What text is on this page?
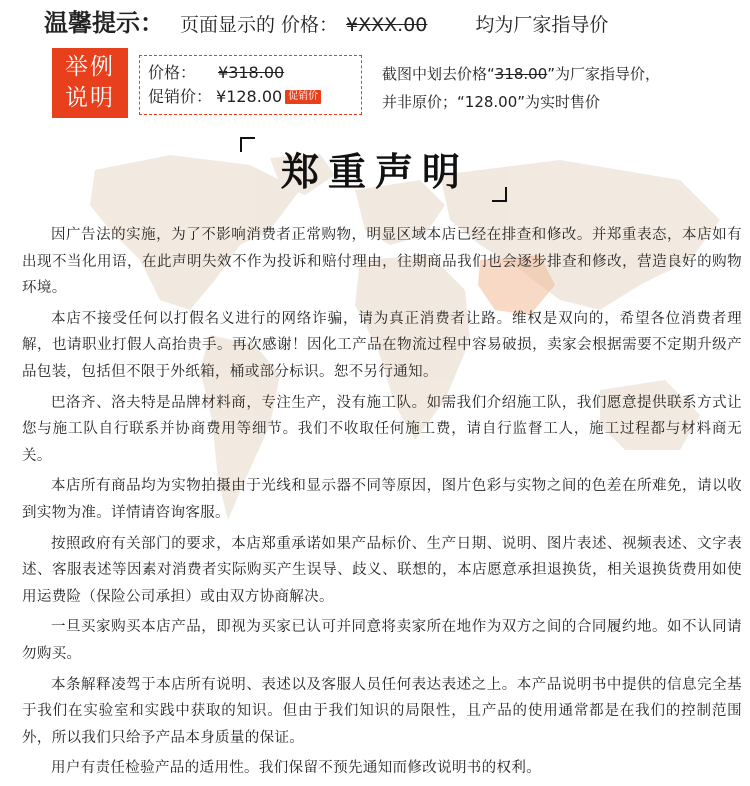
温馨提示： 页面显示的 价格： ¥XXX.00	均为厂家指导价
举例
说明
价格： ¥318.00
促销价： ¥128.00 促销价
截图中划去价格“318.00”为厂家指导价，
并非原价；“128.00”为实时售价
郑重声明

因广告法的实施，为了不影响消费者正常购物，明显区域本店已经在排查和修改。并郑重表态，本店如有出现不当化用语，在此声明失效不作为投诉和赔付理由，往期商品我们也会逐步排查和修改，营造良好的购物环境。

本店不接受任何以打假名义进行的网络诈骗，请为真正消费者让路。维权是双向的，希望各位消费者理解，也请职业打假人高抬贵手。再次感谢！因化工产品在物流过程中容易破损，卖家会根据需要不定期升级产品包装，包括但不限于外纸箱，桶或部分标识。恕不另行通知。

巴洛齐、洛夫特是品牌材料商，专注生产，没有施工队。如需我们介绍施工队，我们愿意提供联系方式让您与施工队自行联系并协商费用等细节。我们不收取任何施工费，请自行监督工人，施工过程都与材料商无关。

本店所有商品均为实物拍摄由于光线和显示器不同等原因，图片色彩与实物之间的色差在所难免，请以收到实物为准。详情请咨询客服。

按照政府有关部门的要求，本店郑重承诺如果产品标价、生产日期、说明、图片表述、视频表述、文字表述、客服表述等因素对消费者实际购买产生误导、歧义、联想的，本店愿意承担退换货，相关退换货费用如使用运费险（保险公司承担）或由双方协商解决。

一旦买家购买本店产品，即视为买家已认可并同意将卖家所在地作为双方之间的合同履约地。如不认同请勿购买。

本条解释凌驾于本店所有说明、表述以及客服人员任何表达表述之上。本产品说明书中提供的信息完全基于我们在实验室和实践中获取的知识。但由于我们知识的局限性，且产品的使用通常都是在我们的控制范围外，所以我们只给予产品本身质量的保证。

用户有责任检验产品的适用性。我们保留不预先通知而修改说明书的权利。
